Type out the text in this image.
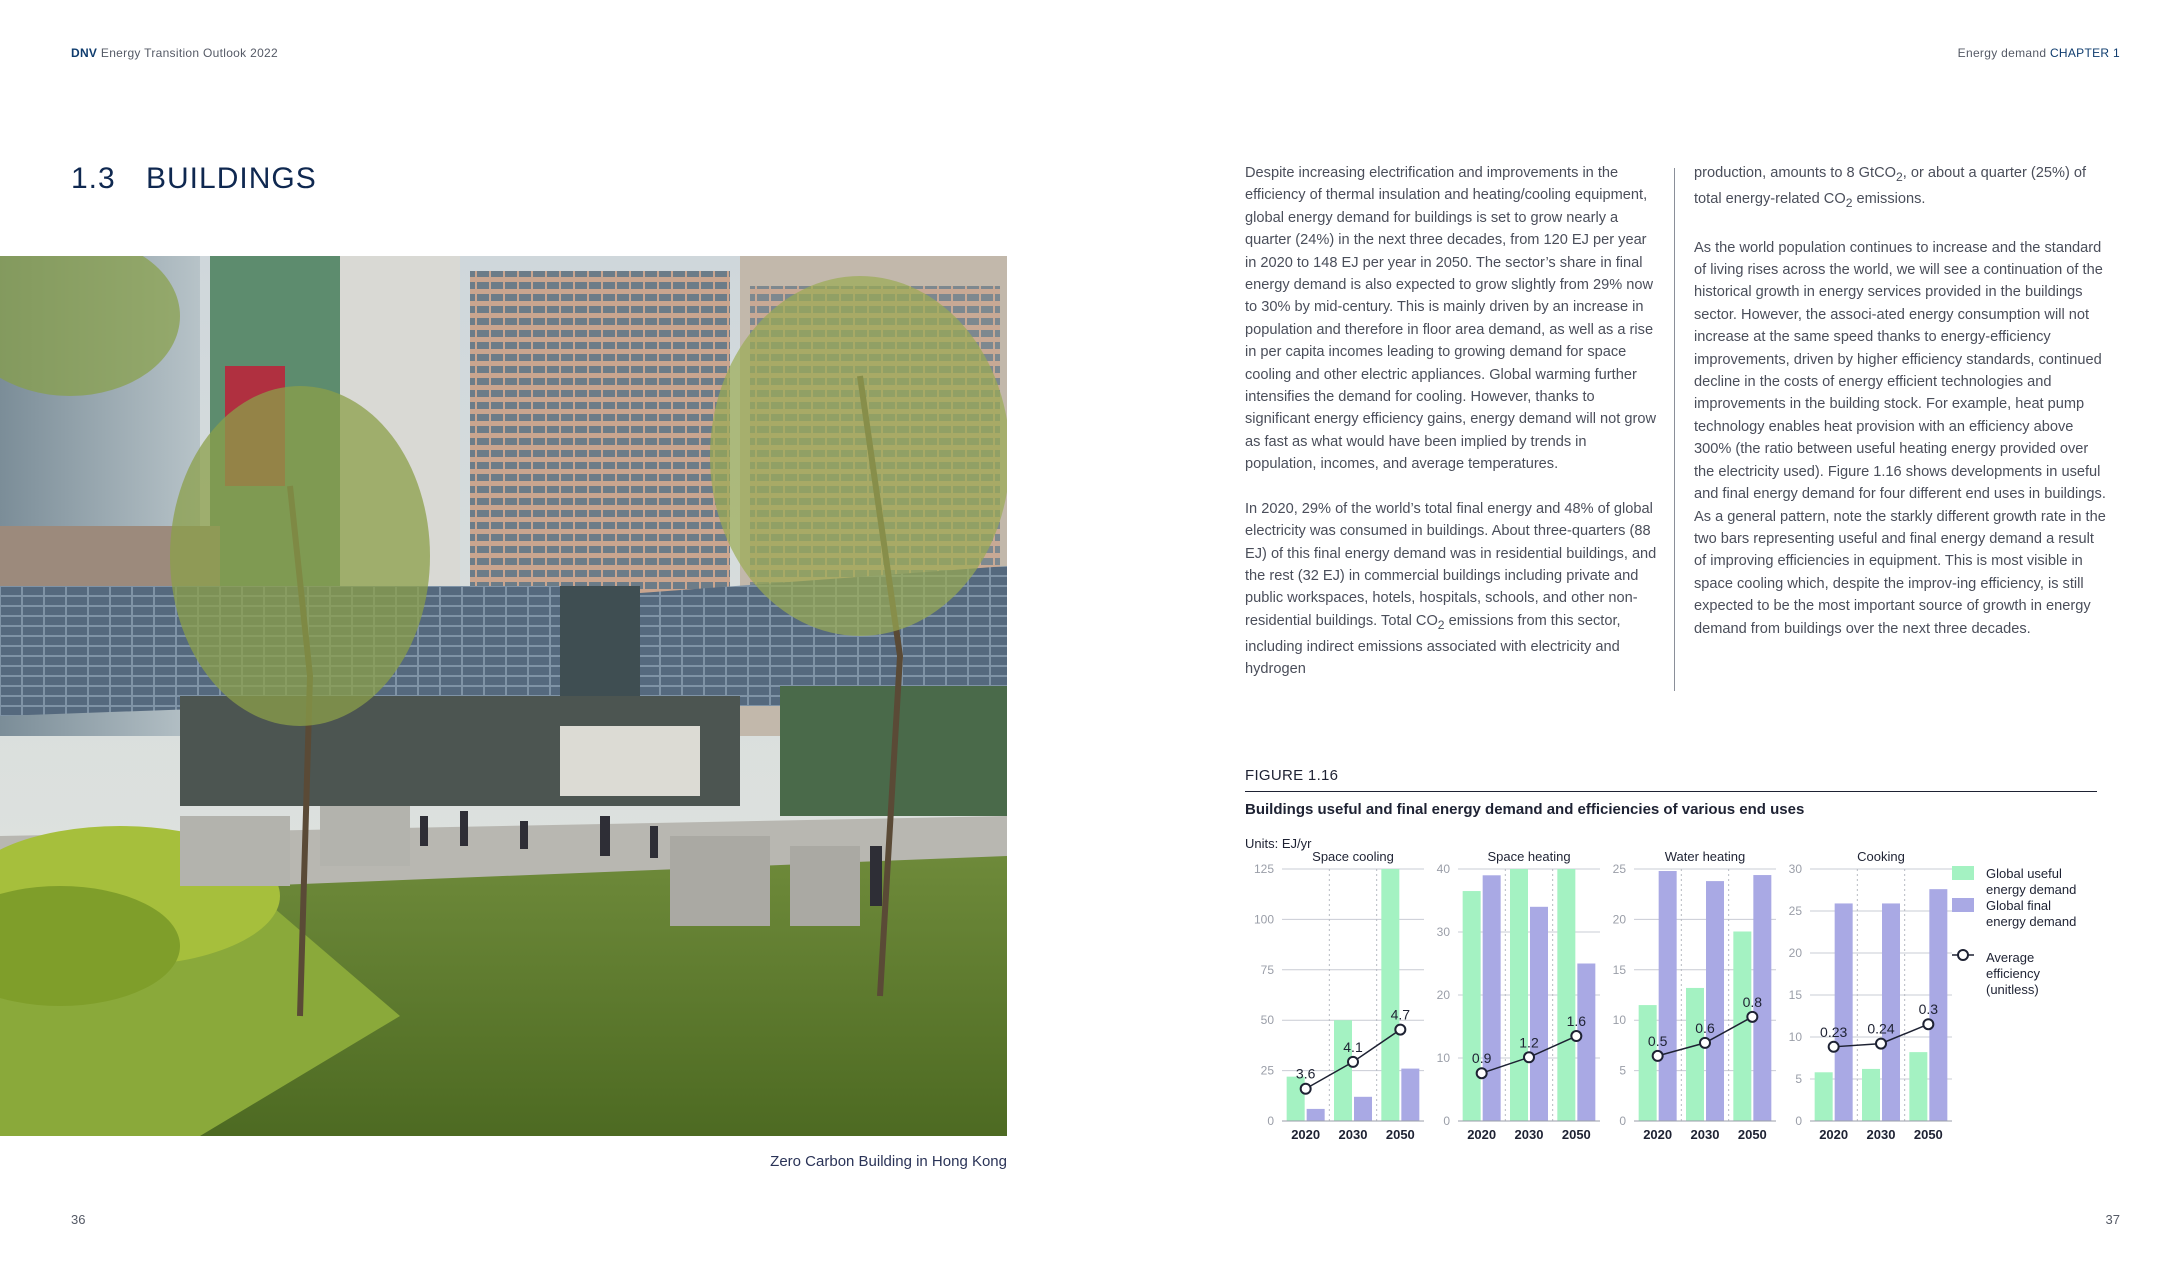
DNV Energy Transition Outlook 2022	Energy demand CHAPTER 1
1.3 BUILDINGS
Zero Carbon Building in Hong Kong
36	37

Despite increasing electrification and improvements in the efficiency of thermal insulation and heating/cooling equipment, global energy demand for buildings is set to grow nearly a quarter (24%) in the next three decades, from 120 EJ per year in 2020 to 148 EJ per year in 2050. The sector’s share in final energy demand is also expected to grow slightly from 29% now to 30% by mid-century. This is mainly driven by an increase in population and therefore in floor area demand, as well as a rise in per capita incomes leading to growing demand for space cooling and other electric appliances. Global warming further intensifies the demand for cooling. However, thanks to significant energy efficiency gains, energy demand will not grow as fast as what would have been implied by trends in population, incomes, and average temperatures.

In 2020, 29% of the world’s total final energy and 48% of global electricity was consumed in buildings. About three-quarters (88 EJ) of this final energy demand was in residential buildings, and the rest (32 EJ) in commercial buildings including private and public workspaces, hotels, hospitals, schools, and other non-residential buildings. Total $CO_2$ emissions from this sector, including indirect emissions associated with electricity and hydrogen

production, amounts to 8 GtCO$_2$, or about a quarter (25%) of total energy-related $CO_2$ emissions.

As the world population continues to increase and the standard of living rises across the world, we will see a continuation of the historical growth in energy services provided in the buildings sector. However, the associ-ated energy consumption will not increase at the same speed thanks to energy-efficiency improvements, driven by higher efficiency standards, continued decline in the costs of energy efficient technologies and improvements in the building stock. For example, heat pump technology enables heat provision with an efficiency above 300% (the ratio between useful heating energy provided over the electricity used). Figure 1.16 shows developments in useful and final energy demand for four different end uses in buildings. As a general pattern, note the starkly different growth rate in the two bars representing useful and final energy demand a result of improving efficiencies in equipment. This is most visible in space cooling which, despite the improv-ing efficiency, is still expected to be the most important source of growth in energy demand from buildings over the next three decades.

FIGURE 1.16
Buildings useful and final energy demand and efficiencies of various end uses
Units: EJ/yr
Space cooling
0
25
50
75
100
125
2020 2030 2050
3.6
4.1
4.7
Space heating
0
10
20
30
40
2020 2030 2050
0.9
1.2
1.6
Water heating
0
5
10
15
20
25
2020 2030 2050
0.5
0.6
0.8
Cooking
0
5
10
15
20
25
30
2020 2030 2050
0.23 0.24
0.3
Global useful energy demand
Global final energy demand
Average efficiency (unitless)
